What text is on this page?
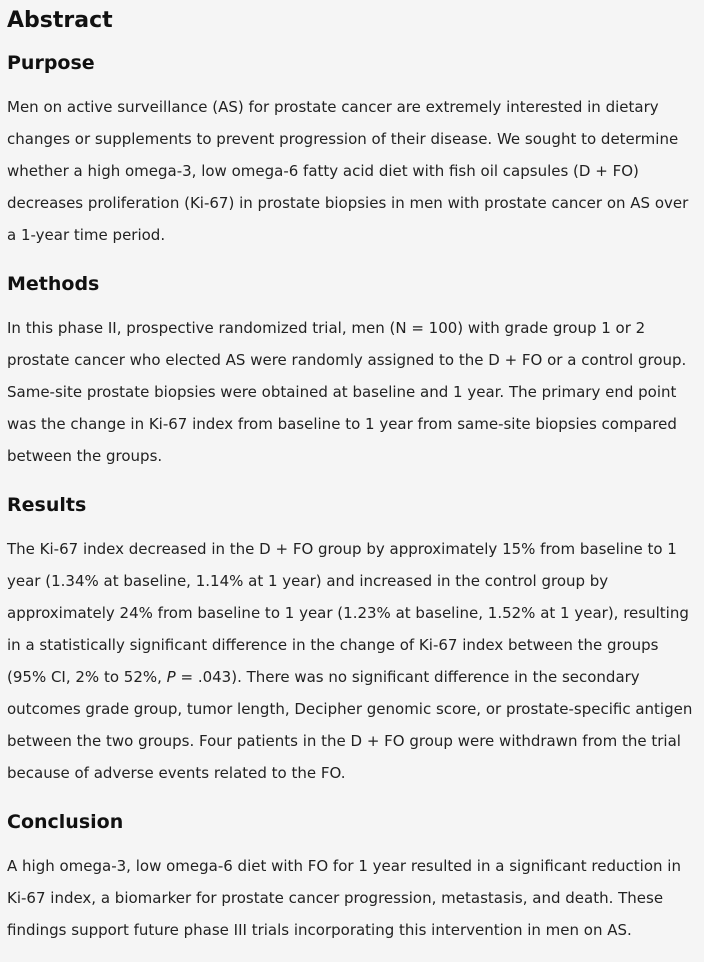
Abstract
Purpose

Men on active surveillance (AS) for prostate cancer are extremely interested in dietary changes or supplements to prevent progression of their disease. We sought to determine whether a high omega-3, low omega-6 fatty acid diet with fish oil capsules (D + FO) decreases proliferation (Ki-67) in prostate biopsies in men with prostate cancer on AS over a 1-year time period.

Methods

In this phase II, prospective randomized trial, men (N = 100) with grade group 1 or 2 prostate cancer who elected AS were randomly assigned to the D + FO or a control group. Same-site prostate biopsies were obtained at baseline and 1 year. The primary end point was the change in Ki-67 index from baseline to 1 year from same-site biopsies compared between the groups.

Results

The Ki-67 index decreased in the D + FO group by approximately 15% from baseline to 1 year (1.34% at baseline, 1.14% at 1 year) and increased in the control group by approximately 24% from baseline to 1 year (1.23% at baseline, 1.52% at 1 year), resulting in a statistically significant difference in the change of Ki-67 index between the groups (95% CI, 2% to 52%, P = .043). There was no significant difference in the secondary outcomes grade group, tumor length, Decipher genomic score, or prostate-specific antigen between the two groups. Four patients in the D + FO group were withdrawn from the trial because of adverse events related to the FO.

Conclusion

A high omega-3, low omega-6 diet with FO for 1 year resulted in a significant reduction in Ki-67 index, a biomarker for prostate cancer progression, metastasis, and death. These findings support future phase III trials incorporating this intervention in men on AS.
